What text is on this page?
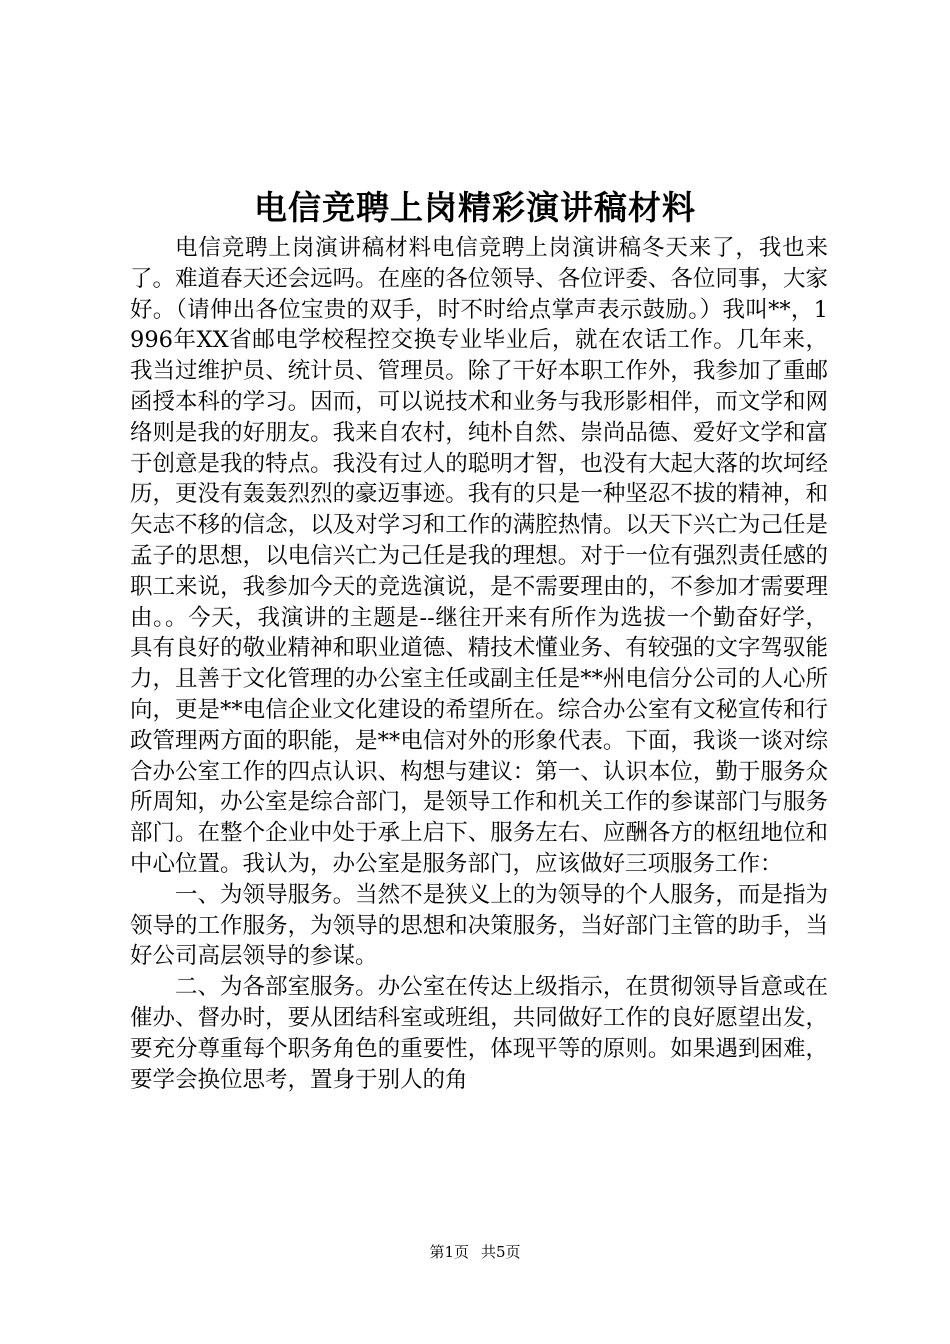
电信竞聘上岗精彩演讲稿材料

电信竞聘上岗演讲稿材料电信竞聘上岗演讲稿冬天来了，我也来了。难道春天还会远吗。在座的各位领导、各位评委、各位同事，大家好。（请伸出各位宝贵的双手，时不时给点掌声表示鼓励。）我叫**，1996年XX省邮电学校程控交换专业毕业后，就在农话工作。几年来，我当过维护员、统计员、管理员。除了干好本职工作外，我参加了重邮函授本科的学习。因而，可以说技术和业务与我形影相伴，而文学和网络则是我的好朋友。我来自农村，纯朴自然、崇尚品德、爱好文学和富于创意是我的特点。我没有过人的聪明才智，也没有大起大落的坎坷经历，更没有轰轰烈烈的豪迈事迹。我有的只是一种坚忍不拔的精神，和矢志不移的信念，以及对学习和工作的满腔热情。以天下兴亡为己任是孟子的思想，以电信兴亡为己任是我的理想。对于一位有强烈责任感的职工来说，我参加今天的竞选演说，是不需要理由的，不参加才需要理由。。今天，我演讲的主题是--继往开来有所作为选拔一个勤奋好学，具有良好的敬业精神和职业道德、精技术懂业务、有较强的文字驾驭能力，且善于文化管理的办公室主任或副主任是**州电信分公司的人心所向，更是**电信企业文化建设的希望所在。综合办公室有文秘宣传和行政管理两方面的职能，是**电信对外的形象代表。下面，我谈一谈对综合办公室工作的四点认识、构想与建议：第一、认识本位，勤于服务众所周知，办公室是综合部门，是领导工作和机关工作的参谋部门与服务部门。在整个企业中处于承上启下、服务左右、应酬各方的枢纽地位和中心位置。我认为，办公室是服务部门，应该做好三项服务工作：

一、为领导服务。当然不是狭义上的为领导的个人服务，而是指为领导的工作服务，为领导的思想和决策服务，当好部门主管的助手，当好公司高层领导的参谋。

二、为各部室服务。办公室在传达上级指示，在贯彻领导旨意或在催办、督办时，要从团结科室或班组，共同做好工作的良好愿望出发，要充分尊重每个职务角色的重要性，体现平等的原则。如果遇到困难，要学会换位思考，置身于别人的角

第1页 共5页
